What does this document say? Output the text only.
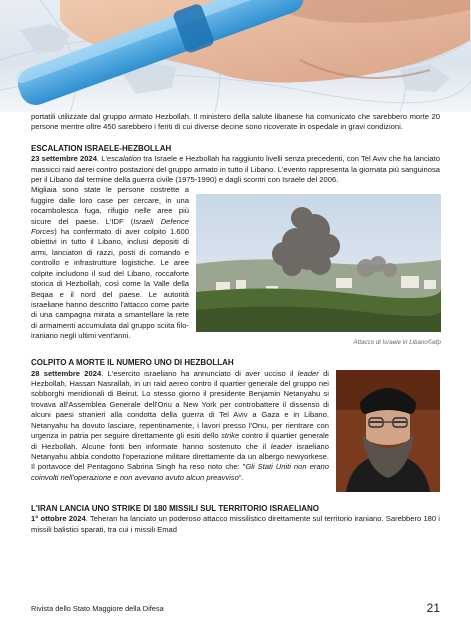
portatili utilizzate dal gruppo armato Hezbollah. Il ministero della salute libanese ha comunicato che sarebbero morte 20 persone mentre oltre 450 sarebbero i feriti di cui diverse decine sono ricoverate in ospedale in gravi condizioni.

ESCALATION ISRAELE-HEZBOLLAH

23 settembre 2024. L'escalation tra Israele e Hezbollah ha raggiunto livelli senza precedenti, con Tel Aviv che ha lanciato massicci raid aerei contro postazioni del gruppo armato in tutto il Libano. L'evento rappresenta la giornata più sanguinosa per il Libano dal termine della guerra civile (1975-1990) e dagli scontri con Israele del 2006.

Migliaia sono state le persone costrette a fuggire dalle loro case per cercare, in una rocambolesca fuga, rifugio nelle aree più sicure del paese. L'IDF (Israeli Defence Forces) ha confermato di aver colpito 1.600 obiettivi in tutto il Libano, inclusi depositi di armi, lanciatori di razzi, posti di comando e controllo e infrastrutture logistiche. Le aree colpite includono il sud del Libano, roccaforte storica di Hezbollah, così come la Valle della Beqaa e il nord del paese. Le autorità israeliane hanno descritto l'attacco come parte di una campagna mirata a smantellare la rete di armamenti accumulata dal gruppo sciita filo-iraniano negli ultimi vent'anni.

Attacco di Israele in Libano©afp
COLPITO A MORTE IL NUMERO UNO DI HEZBOLLAH

28 settembre 2024. L'esercito israeliano ha annunciato di aver ucciso il leader di Hezbollah, Hassan Nasrallah, in un raid aereo contro il quartier generale del gruppo nei sobborghi meridionali di Beirut. Lo stesso giorno il presidente Benjamin Netanyahu si trovava all'Assemblea Generale dell'Onu a New York per controbattere il dissenso di alcuni paesi stranieri alla condotta della guerra di Tel Aviv a Gaza e in Libano. Netanyahu ha dovuto lasciare, repentinamente, i lavori presso l'Onu, per rientrare con urgenza in patria per seguire direttamente gli esiti dello strike contro il quartier generale di Hezbollah. Alcune fonti ben informate hanno sostenuto che il leader israeliano Netanyahu abbia condotto l'operazione militare direttamente da un albergo newyorkese. Il portavoce del Pentagono Sabrina Singh ha reso noto che: "Gli Stati Uniti non erano coinvolti nell'operazione e non avevano avuto alcun preavviso".

L'IRAN LANCIA UNO STRIKE DI 180 MISSILI SUL TERRITORIO ISRAELIANO

1° ottobre 2024. Teheran ha lanciato un poderoso attacco missilistico direttamente sul territorio iraniano. Sarebbero 180 i missili balistici sparati, tra cui i missili Emad

Rivista dello Stato Maggiore della Difesa	21
